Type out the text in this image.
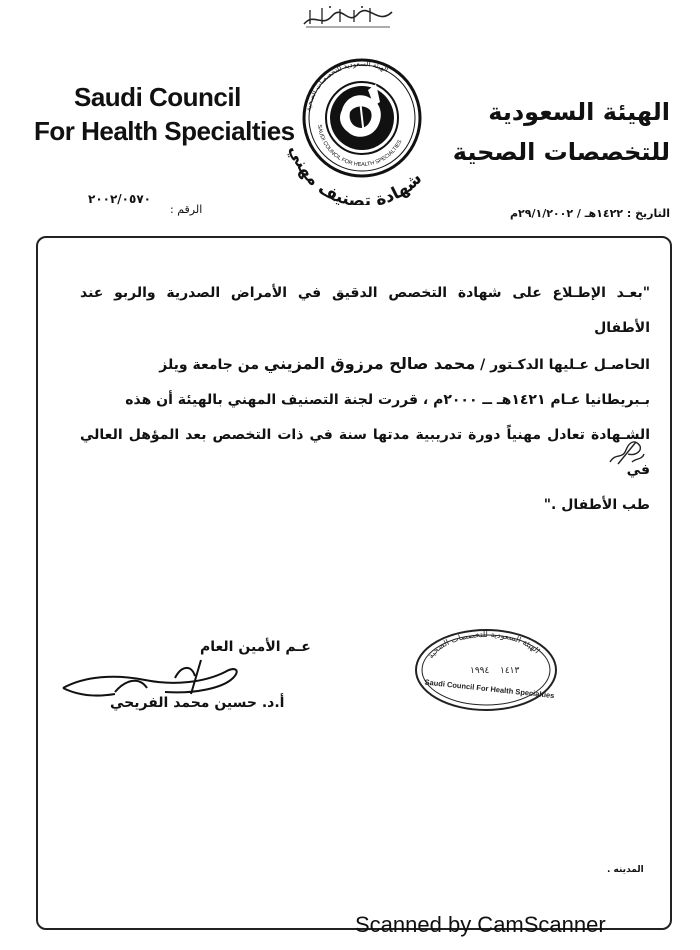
Saudi Council
For Health Specialties
الهيئة السعودية
للتخصصات الصحية
الهيئة السعودية للتخصصات الصحية
SAUDI COUNCIL FOR HEALTH SPECIALTIES
شهادة تصنيف مهني
الرقم :
٢٠٠٢/٠٥٧٠
التاريخ : ١٤٢٢هـ / ٢٩/١/٢٠٠٢م

"بعـد الإطـلاع على شهادة التخصص الدقيق في الأمراض الصدرية والربو عند الأطفال

الحاصـل عـليها الدكـتور / محمد صالح مرزوق المزيني من جامعة ويلز

بـبريطانيا عـام ١٤٢١هـ ــ ٢٠٠٠م ، قررت لجنة التصنيف المهني بالهيئة أن هذه

الشـهادة تعادل مهنياً دورة تدريبية مدتها سنة في ذات التخصص بعد المؤهل العالي في

طب الأطفال ."

عـم الأمين العام
أ.د. حسين محمد الفريحي
الهيئة السعودية للتخصصات الصحية
١٩٩٤ ١٤١٣
Saudi Council For Health Specialties
المدينه .
Scanned by CamScanner
